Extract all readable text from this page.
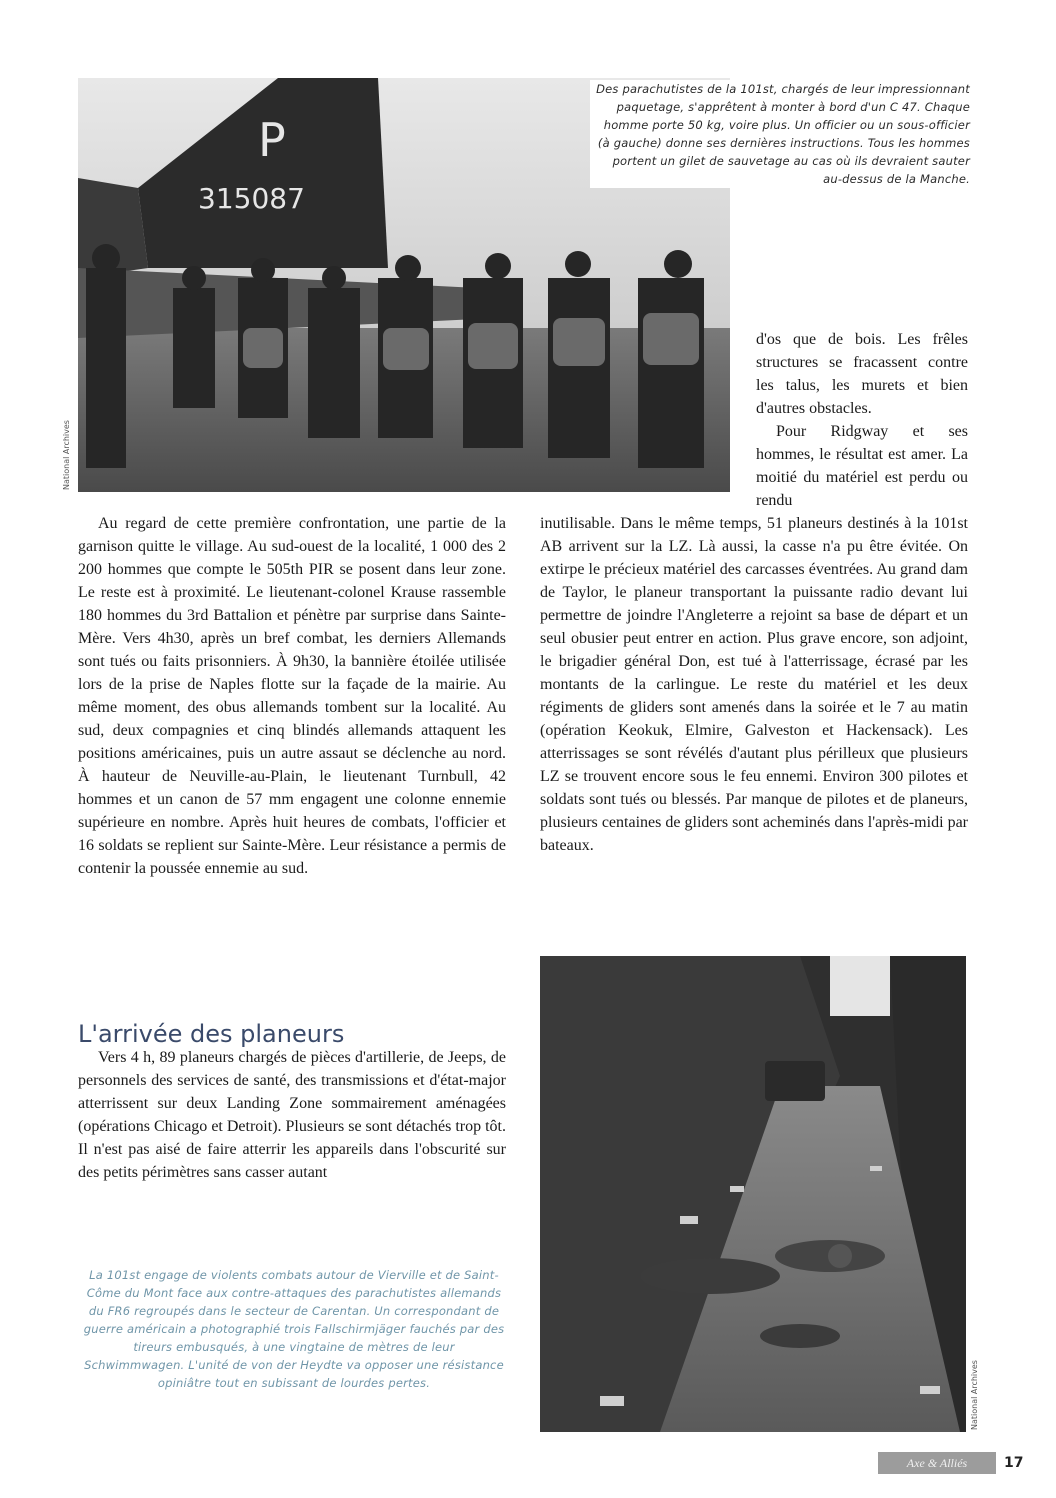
P
315087
National Archives
Des parachutistes de la 101st, chargés de leur impressionnant paquetage, s'apprêtent à monter à bord d'un C 47. Chaque homme porte 50 kg, voire plus. Un officier ou un sous-officier (à gauche) donne ses dernières instructions. Tous les hommes portent un gilet de sauvetage au cas où ils devraient sauter au-dessus de la Manche.

d'os que de bois. Les frêles structures se fracassent contre les talus, les murets et bien d'autres obstacles.

Pour Ridgway et ses hommes, le résultat est amer. La moitié du matériel est perdu ou rendu

inutilisable. Dans le même temps, 51 planeurs destinés à la 101st AB arrivent sur la LZ. Là aussi, la casse n'a pu être évitée. On extirpe le précieux matériel des carcasses éventrées. Au grand dam de Taylor, le planeur transportant la puissante radio devant lui permettre de joindre l'Angleterre a rejoint sa base de départ et un seul obusier peut entrer en action. Plus grave encore, son adjoint, le brigadier général Don, est tué à l'atterrissage, écrasé par les montants de la carlingue. Le reste du matériel et les deux régiments de gliders sont amenés dans la soirée et le 7 au matin (opération Keokuk, Elmire, Galveston et Hackensack). Les atterrissages se sont révélés d'autant plus périlleux que plusieurs LZ se trouvent encore sous le feu ennemi. Environ 300 pilotes et soldats sont tués ou blessés. Par manque de pilotes et de planeurs, plusieurs centaines de gliders sont acheminés dans l'après-midi par bateaux.

Au regard de cette première confrontation, une partie de la garnison quitte le village. Au sud-ouest de la localité, 1 000 des 2 200 hommes que compte le 505th PIR se posent dans leur zone. Le reste est à proximité. Le lieutenant-colonel Krause rassemble 180 hommes du 3rd Battalion et pénètre par surprise dans Sainte-Mère. Vers 4h30, après un bref combat, les derniers Allemands sont tués ou faits prisonniers. À 9h30, la bannière étoilée utilisée lors de la prise de Naples flotte sur la façade de la mairie. Au même moment, des obus allemands tombent sur la localité. Au sud, deux compagnies et cinq blindés allemands attaquent les positions américaines, puis un autre assaut se déclenche au nord. À hauteur de Neuville-au-Plain, le lieutenant Turnbull, 42 hommes et un canon de 57 mm engagent une colonne ennemie supérieure en nombre. Après huit heures de combats, l'officier et 16 soldats se replient sur Sainte-Mère. Leur résistance a permis de contenir la poussée ennemie au sud.

L'arrivée des planeurs

Vers 4 h, 89 planeurs chargés de pièces d'artillerie, de Jeeps, de personnels des services de santé, des transmissions et d'état-major atterrissent sur deux Landing Zone sommairement aménagées (opérations Chicago et Detroit). Plusieurs se sont détachés trop tôt. Il n'est pas aisé de faire atterrir les appareils dans l'obscurité sur des petits périmètres sans casser autant

La 101st engage de violents combats autour de Vierville et de Saint-Côme du Mont face aux contre-attaques des parachutistes allemands du FR6 regroupés dans le secteur de Carentan. Un correspondant de guerre américain a photographié trois Fallschirmjäger fauchés par des tireurs embusqués, à une vingtaine de mètres de leur Schwimmwagen. L'unité de von der Heydte va opposer une résistance opiniâtre tout en subissant de lourdes pertes.	National Archives
Axe & Alliés	17
